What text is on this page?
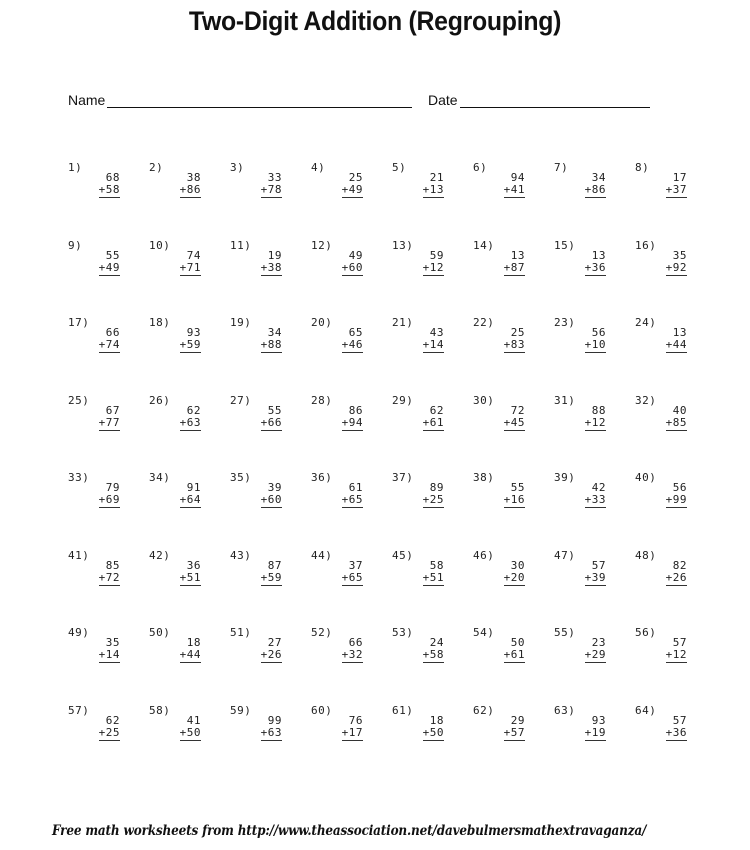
Two-Digit Addition (Regrouping)
Name	Date
1)
68
+58
2)
38
+86
3)
33
+78
4)
25
+49
5)
21
+13
6)
94
+41
7)
34
+86
8)
17
+37
9)
55
+49
10)
74
+71
11)
19
+38
12)
49
+60
13)
59
+12
14)
13
+87
15)
13
+36
16)
35
+92
17)
66
+74
18)
93
+59
19)
34
+88
20)
65
+46
21)
43
+14
22)
25
+83
23)
56
+10
24)
13
+44
25)
67
+77
26)
62
+63
27)
55
+66
28)
86
+94
29)
62
+61
30)
72
+45
31)
88
+12
32)
40
+85
33)
79
+69
34)
91
+64
35)
39
+60
36)
61
+65
37)
89
+25
38)
55
+16
39)
42
+33
40)
56
+99
41)
85
+72
42)
36
+51
43)
87
+59
44)
37
+65
45)
58
+51
46)
30
+20
47)
57
+39
48)
82
+26
49)
35
+14
50)
18
+44
51)
27
+26
52)
66
+32
53)
24
+58
54)
50
+61
55)
23
+29
56)
57
+12
57)
62
+25
58)
41
+50
59)
99
+63
60)
76
+17
61)
18
+50
62)
29
+57
63)
93
+19
64)
57
+36
Free math worksheets from http://www.theassociation.net/davebulmersmathextravaganza/
